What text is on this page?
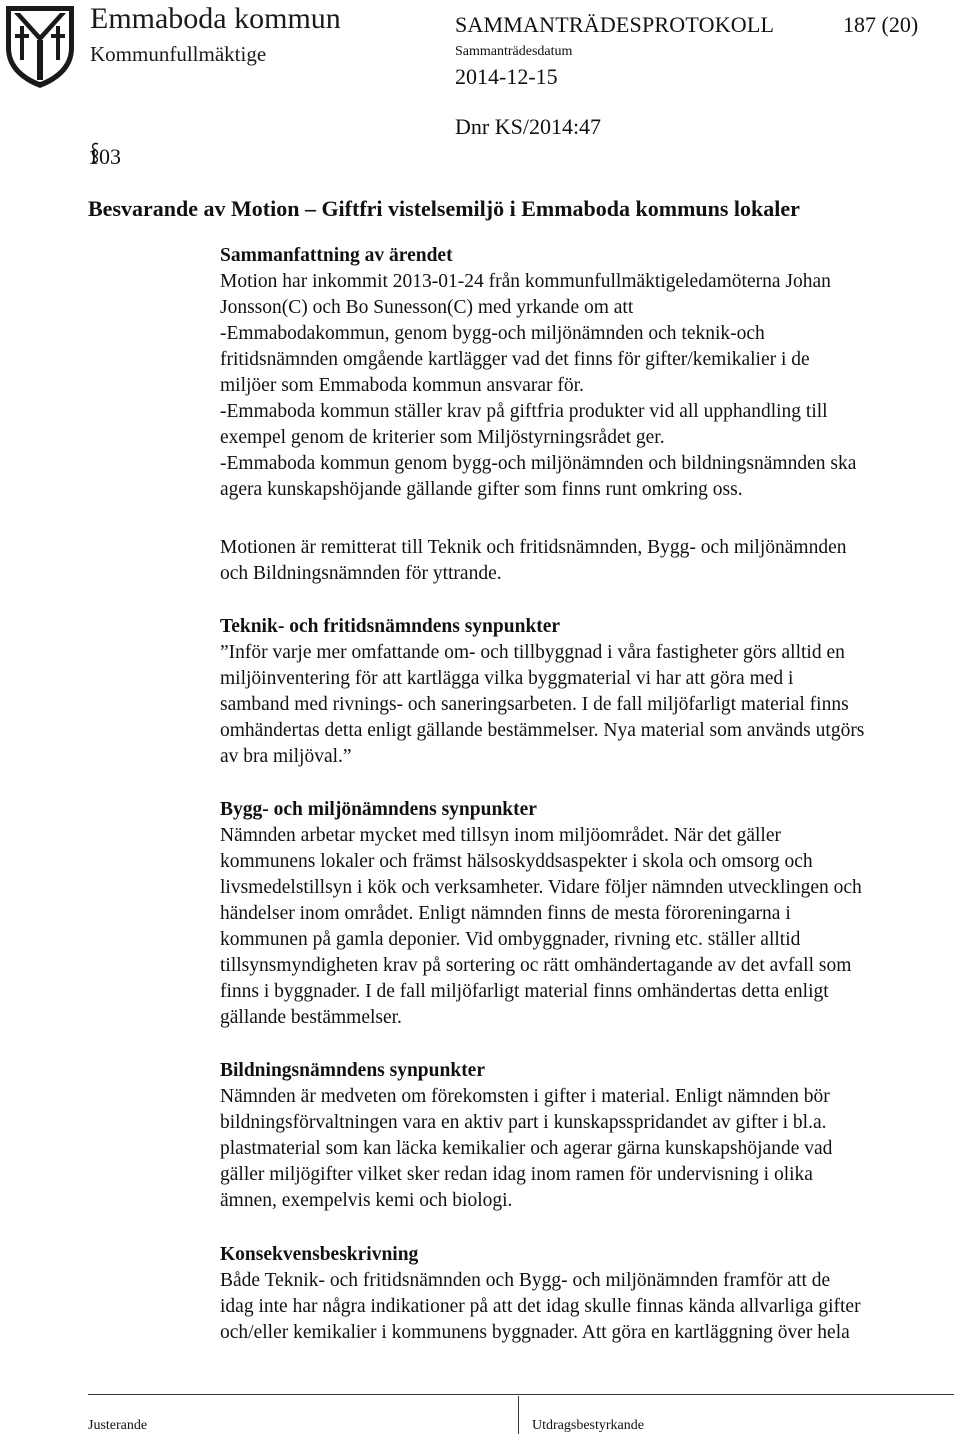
Emmaboda kommun
Kommunfullmäktige
SAMMANTRÄDESPROTOKOLL	187 (20)
Sammanträdesdatum
2014-12-15
Dnr KS/2014:47
103
Besvarande av Motion – Giftfri vistelsemiljö i Emmaboda kommuns lokaler
Sammanfattning av ärendet
Motion har inkommit 2013-01-24 från kommunfullmäktigeledamöterna Johan
Jonsson(C) och Bo Sunesson(C) med yrkande om att
-Emmabodakommun, genom bygg-och miljönämnden och teknik-och
fritidsnämnden omgående kartlägger vad det finns för gifter/kemikalier i de
miljöer som Emmaboda kommun ansvarar för.
-Emmaboda kommun ställer krav på giftfria produkter vid all upphandling till
exempel genom de kriterier som Miljöstyrningsrådet ger.
-Emmaboda kommun genom bygg-och miljönämnden och bildningsnämnden ska
agera kunskapshöjande gällande gifter som finns runt omkring oss.
Motionen är remitterat till Teknik och fritidsnämnden, Bygg- och miljönämnden
och Bildningsnämnden för yttrande.
Teknik- och fritidsnämndens synpunkter
”Inför varje mer omfattande om- och tillbyggnad i våra fastigheter görs alltid en
miljöinventering för att kartlägga vilka byggmaterial vi har att göra med i
samband med rivnings- och saneringsarbeten. I de fall miljöfarligt material finns
omhändertas detta enligt gällande bestämmelser. Nya material som används utgörs
av bra miljöval.”
Bygg- och miljönämndens synpunkter
Nämnden arbetar mycket med tillsyn inom miljöområdet. När det gäller
kommunens lokaler och främst hälsoskyddsaspekter i skola och omsorg och
livsmedelstillsyn i kök och verksamheter. Vidare följer nämnden utvecklingen och
händelser inom området. Enligt nämnden finns de mesta föroreningarna i
kommunen på gamla deponier. Vid ombyggnader, rivning etc. ställer alltid
tillsynsmyndigheten krav på sortering oc rätt omhändertagande av det avfall som
finns i byggnader. I de fall miljöfarligt material finns omhändertas detta enligt
gällande bestämmelser.
Bildningsnämndens synpunkter
Nämnden är medveten om förekomsten i gifter i material. Enligt nämnden bör
bildningsförvaltningen vara en aktiv part i kunskapsspridandet av gifter i bl.a.
plastmaterial som kan läcka kemikalier och agerar gärna kunskapshöjande vad
gäller miljögifter vilket sker redan idag inom ramen för undervisning i olika
ämnen, exempelvis kemi och biologi.
Konsekvensbeskrivning
Både Teknik- och fritidsnämnden och Bygg- och miljönämnden framför att de
idag inte har några indikationer på att det idag skulle finnas kända allvarliga gifter
och/eller kemikalier i kommunens byggnader. Att göra en kartläggning över hela
Justerande	Utdragsbestyrkande
